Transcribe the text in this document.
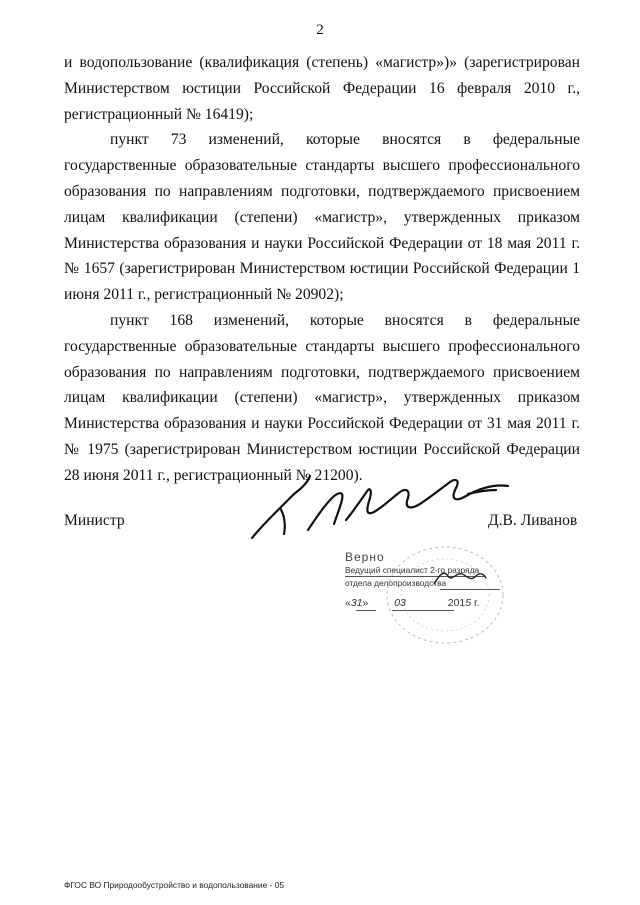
2

и водопользование (квалификация (степень) «магистр»)» (зарегистрирован Министерством юстиции Российской Федерации 16 февраля 2010 г., регистрационный № 16419);

пункт 73 изменений, которые вносятся в федеральные государственные образовательные стандарты высшего профессионального образования по направлениям подготовки, подтверждаемого присвоением лицам квалификации (степени) «магистр», утвержденных приказом Министерства образования и науки Российской Федерации от 18 мая 2011 г. № 1657 (зарегистрирован Министерством юстиции Российской Федерации 1 июня 2011 г., регистрационный № 20902);

пункт 168 изменений, которые вносятся в федеральные государственные образовательные стандарты высшего профессионального образования по направлениям подготовки, подтверждаемого присвоением лицам квалификации (степени) «магистр», утвержденных приказом Министерства образования и науки Российской Федерации от 31 мая 2011 г. № 1975 (зарегистрирован Министерством юстиции Российской Федерации 28 июня 2011 г., регистрационный № 21200).

Министр	Д.В. Ливанов
Верно
Ведущий специалист 2-го разряда
отдела делопроизводства
«31» 03	2015 г.
ФГОС ВО Природообустройство и водопользование - 05
